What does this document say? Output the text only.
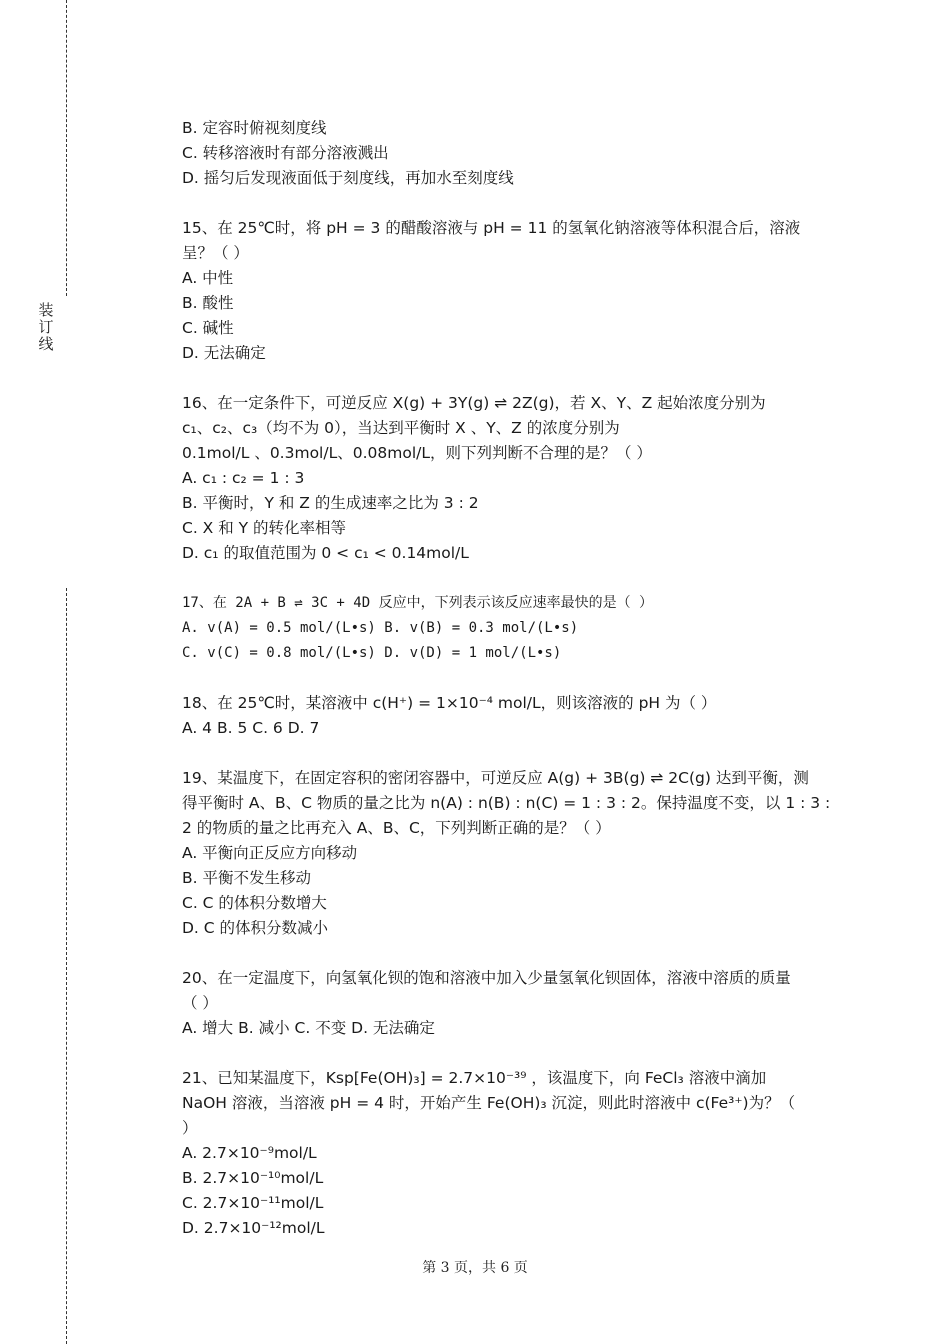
装
订
线
B. 定容时俯视刻度线
C. 转移溶液时有部分溶液溅出
D. 摇匀后发现液面低于刻度线，再加水至刻度线
15、在 25℃时，将 pH = 3 的醋酸溶液与 pH = 11 的氢氧化钠溶液等体积混合后，溶液
呈？（ ）
A. 中性
B. 酸性
C. 碱性
D. 无法确定
16、在一定条件下，可逆反应 X(g) + 3Y(g) ⇌ 2Z(g)，若 X、Y、Z 起始浓度分别为
c₁、c₂、c₃（均不为 0），当达到平衡时 X 、Y、Z 的浓度分别为
0.1mol/L 、0.3mol/L、0.08mol/L，则下列判断不合理的是？（ ）
A. c₁ : c₂ = 1 : 3
B. 平衡时，Y 和 Z 的生成速率之比为 3 : 2
C. X 和 Y 的转化率相等
D. c₁ 的取值范围为 0 < c₁ < 0.14mol/L
17、在 2A + B ⇌ 3C + 4D 反应中，下列表示该反应速率最快的是（ ）
A. v(A) = 0.5 mol/(L•s) B. v(B) = 0.3 mol/(L•s)
C. v(C) = 0.8 mol/(L•s) D. v(D) = 1 mol/(L•s)
18、在 25℃时，某溶液中 c(H⁺) = 1×10⁻⁴ mol/L，则该溶液的 pH 为（ ）
A. 4 B. 5 C. 6 D. 7
19、某温度下，在固定容积的密闭容器中，可逆反应 A(g) + 3B(g) ⇌ 2C(g) 达到平衡，测
得平衡时 A、B、C 物质的量之比为 n(A) : n(B) : n(C) = 1 : 3 : 2。保持温度不变，以 1 : 3 :
2 的物质的量之比再充入 A、B、C，下列判断正确的是？（ ）
A. 平衡向正反应方向移动
B. 平衡不发生移动
C. C 的体积分数增大
D. C 的体积分数减小
20、在一定温度下，向氢氧化钡的饱和溶液中加入少量氢氧化钡固体，溶液中溶质的质量
（ ）
A. 增大 B. 减小 C. 不变 D. 无法确定
21、已知某温度下，Ksp[Fe(OH)₃] = 2.7×10⁻³⁹ ，该温度下，向 FeCl₃ 溶液中滴加
NaOH 溶液，当溶液 pH = 4 时，开始产生 Fe(OH)₃ 沉淀，则此时溶液中 c(Fe³⁺)为？（
）
A. 2.7×10⁻⁹mol/L
B. 2.7×10⁻¹⁰mol/L
C. 2.7×10⁻¹¹mol/L
D. 2.7×10⁻¹²mol/L
第 3 页，共 6 页
